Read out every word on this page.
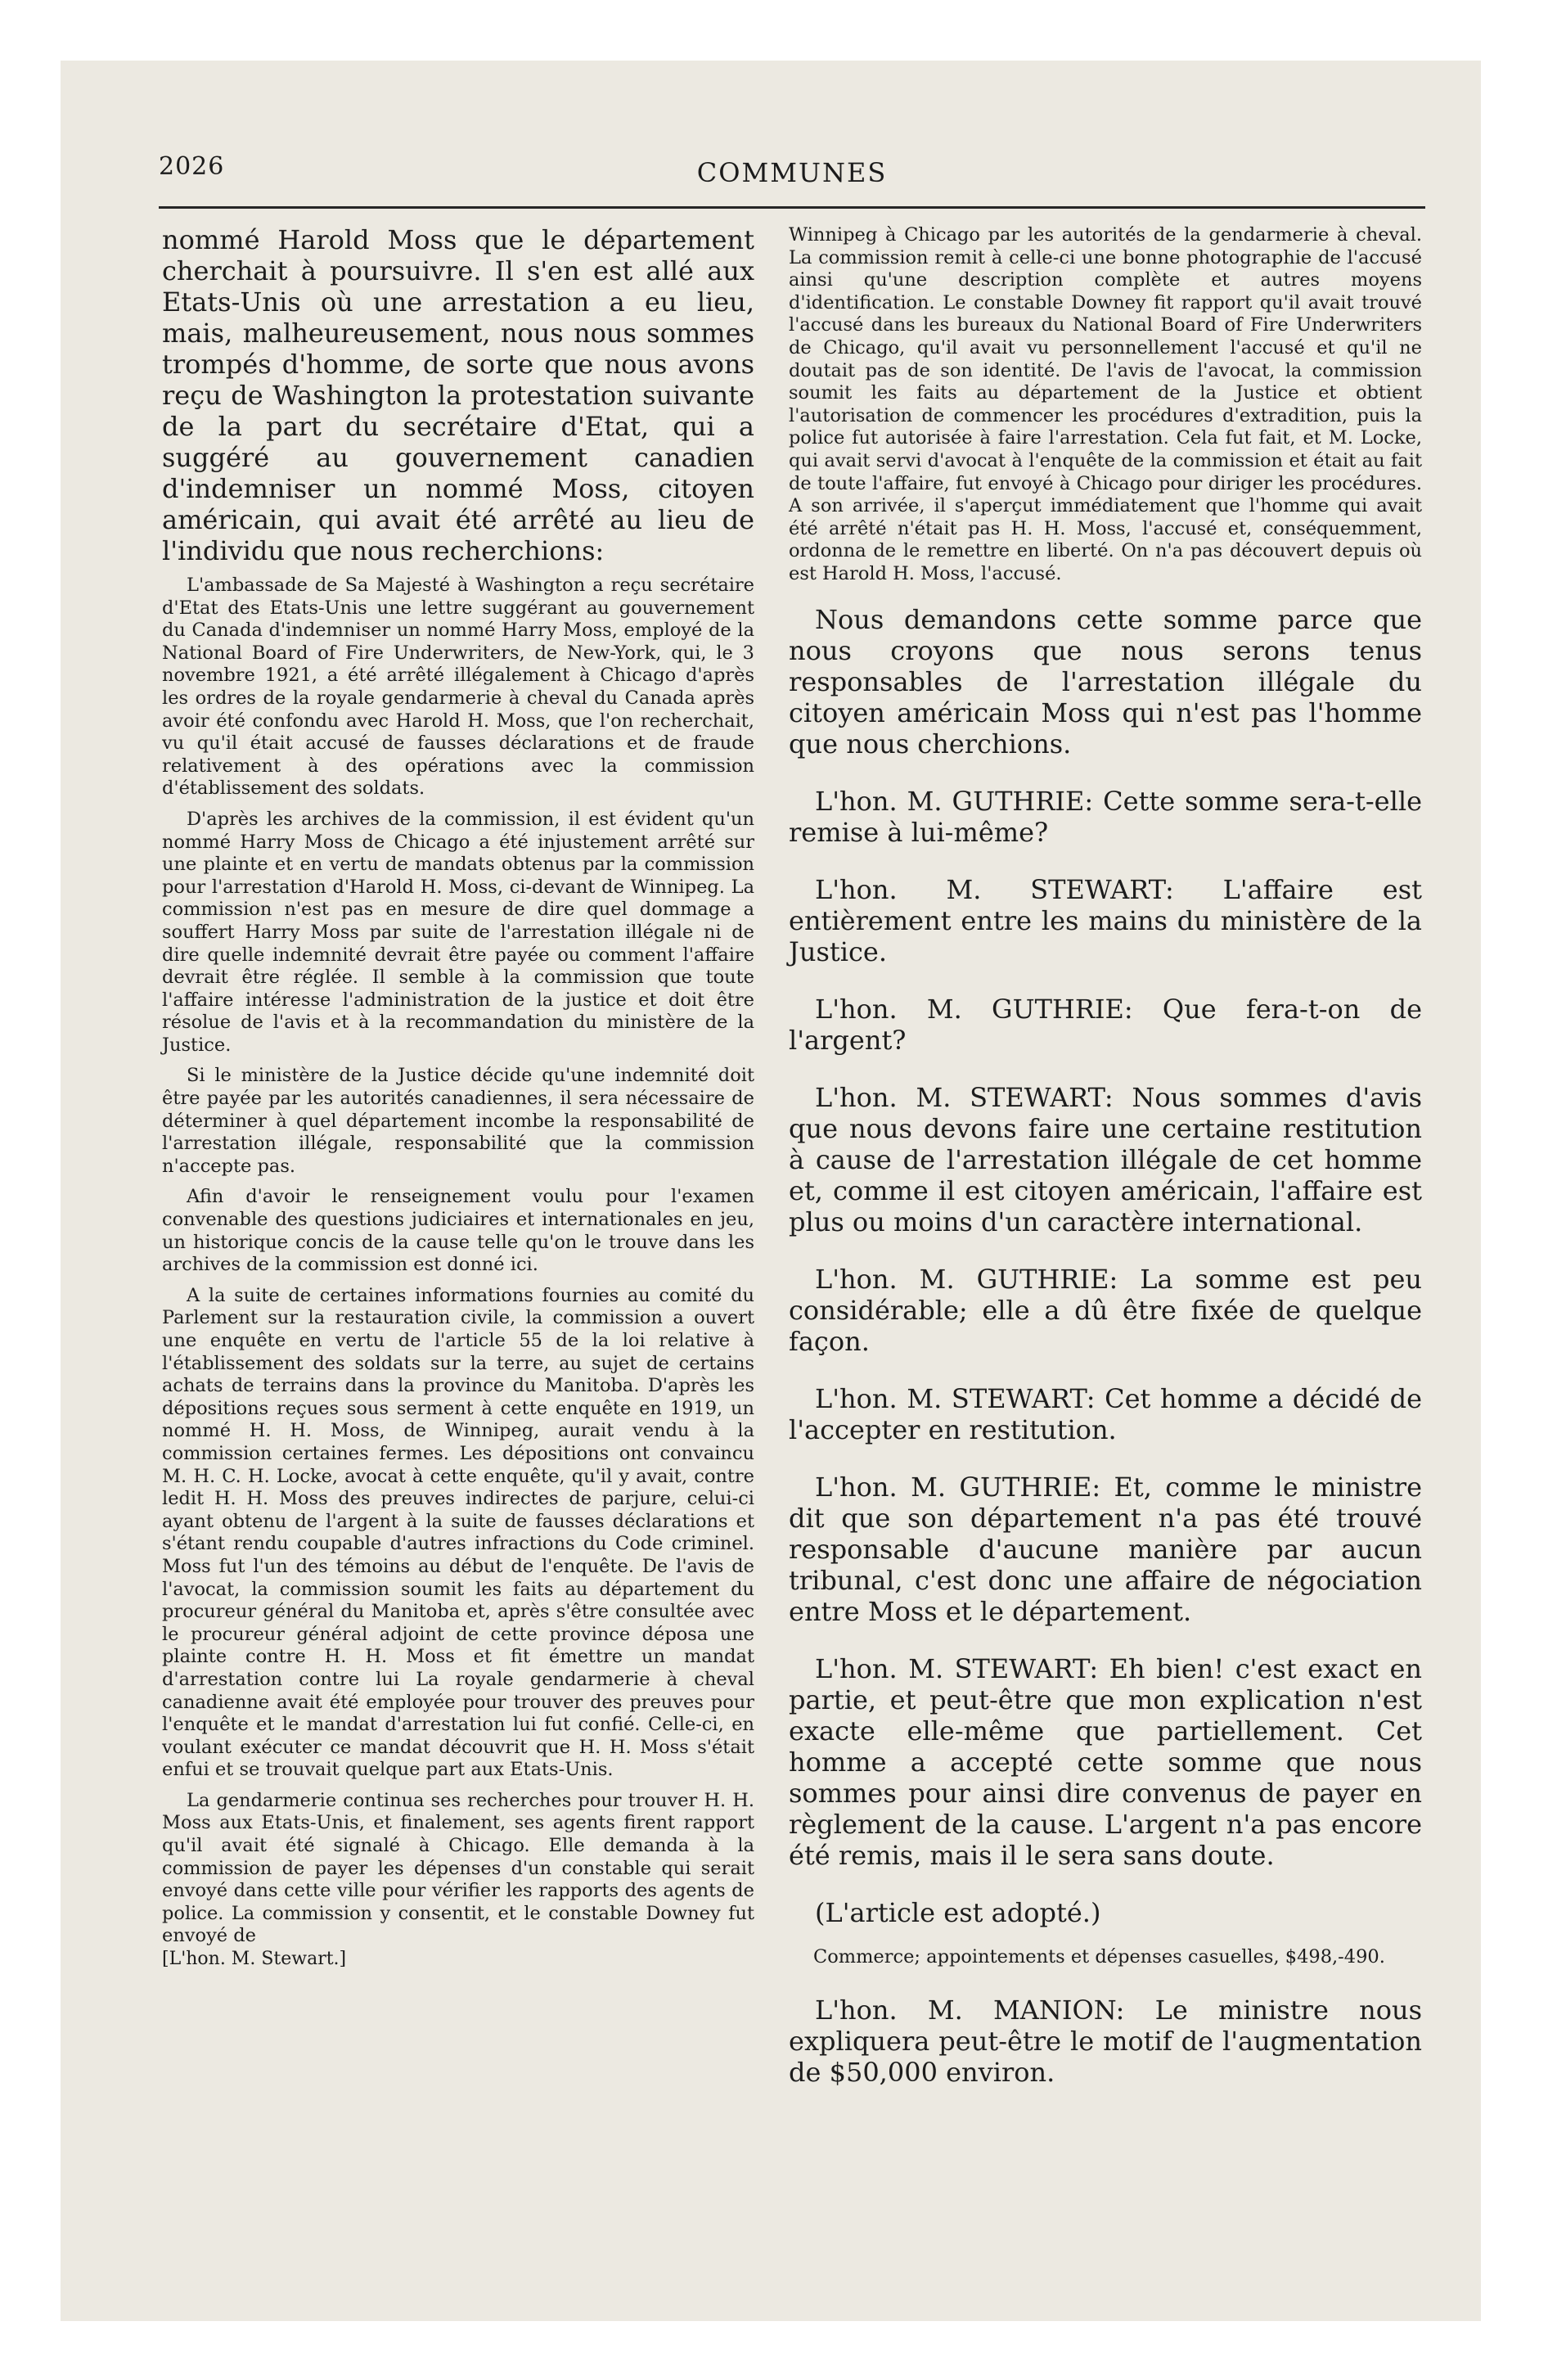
2026	COMMUNES

nommé Harold Moss que le département cherchait à poursuivre. Il s'en est allé aux Etats-Unis où une arrestation a eu lieu, mais, malheureusement, nous nous sommes trompés d'homme, de sorte que nous avons reçu de Washington la protestation suivante de la part du secrétaire d'Etat, qui a suggéré au gouvernement canadien d'indemniser un nommé Moss, citoyen américain, qui avait été arrêté au lieu de l'individu que nous recherchions:

L'ambassade de Sa Majesté à Washington a reçu secrétaire d'Etat des Etats-Unis une lettre suggérant au gouvernement du Canada d'indemniser un nommé Harry Moss, employé de la National Board of Fire Underwriters, de New-York, qui, le 3 novembre 1921, a été arrêté illégalement à Chicago d'après les ordres de la royale gendarmerie à cheval du Canada après avoir été confondu avec Harold H. Moss, que l'on recherchait, vu qu'il était accusé de fausses déclarations et de fraude relativement à des opérations avec la commission d'établissement des soldats.

D'après les archives de la commission, il est évident qu'un nommé Harry Moss de Chicago a été injustement arrêté sur une plainte et en vertu de mandats obtenus par la commission pour l'arrestation d'Harold H. Moss, ci-devant de Winnipeg. La commission n'est pas en mesure de dire quel dommage a souffert Harry Moss par suite de l'arrestation illégale ni de dire quelle indemnité devrait être payée ou comment l'affaire devrait être réglée. Il semble à la commission que toute l'affaire intéresse l'administration de la justice et doit être résolue de l'avis et à la recommandation du ministère de la Justice.

Si le ministère de la Justice décide qu'une indemnité doit être payée par les autorités canadiennes, il sera nécessaire de déterminer à quel département incombe la responsabilité de l'arrestation illégale, responsabilité que la commission n'accepte pas.

Afin d'avoir le renseignement voulu pour l'examen convenable des questions judiciaires et internationales en jeu, un historique concis de la cause telle qu'on le trouve dans les archives de la commission est donné ici.

A la suite de certaines informations fournies au comité du Parlement sur la restauration civile, la commission a ouvert une enquête en vertu de l'article 55 de la loi relative à l'établissement des soldats sur la terre, au sujet de certains achats de terrains dans la province du Manitoba. D'après les dépositions reçues sous serment à cette enquête en 1919, un nommé H. H. Moss, de Winnipeg, aurait vendu à la commission certaines fermes. Les dépositions ont convaincu M. H. C. H. Locke, avocat à cette enquête, qu'il y avait, contre ledit H. H. Moss des preuves indirectes de parjure, celui-ci ayant obtenu de l'argent à la suite de fausses déclarations et s'étant rendu coupable d'autres infractions du Code criminel. Moss fut l'un des témoins au début de l'enquête. De l'avis de l'avocat, la commission soumit les faits au département du procureur général du Manitoba et, après s'être consultée avec le procureur général adjoint de cette province déposa une plainte contre H. H. Moss et fit émettre un mandat d'arrestation contre lui La royale gendarmerie à cheval canadienne avait été employée pour trouver des preuves pour l'enquête et le mandat d'arrestation lui fut confié. Celle-ci, en voulant exécuter ce mandat découvrit que H. H. Moss s'était enfui et se trouvait quelque part aux Etats-Unis.

La gendarmerie continua ses recherches pour trouver H. H. Moss aux Etats-Unis, et finalement, ses agents firent rapport qu'il avait été signalé à Chicago. Elle demanda à la commission de payer les dépenses d'un constable qui serait envoyé dans cette ville pour vérifier les rapports des agents de police. La commission y consentit, et le constable Downey fut envoyé de

[L'hon. M. Stewart.]

Winnipeg à Chicago par les autorités de la gendarmerie à cheval. La commission remit à celle-ci une bonne photographie de l'accusé ainsi qu'une description complète et autres moyens d'identification. Le constable Downey fit rapport qu'il avait trouvé l'accusé dans les bureaux du National Board of Fire Underwriters de Chicago, qu'il avait vu personnellement l'accusé et qu'il ne doutait pas de son identité. De l'avis de l'avocat, la commission soumit les faits au département de la Justice et obtient l'autorisation de commencer les procédures d'extradition, puis la police fut autorisée à faire l'arrestation. Cela fut fait, et M. Locke, qui avait servi d'avocat à l'enquête de la commission et était au fait de toute l'affaire, fut envoyé à Chicago pour diriger les procédures. A son arrivée, il s'aperçut immédiatement que l'homme qui avait été arrêté n'était pas H. H. Moss, l'accusé et, conséquemment, ordonna de le remettre en liberté. On n'a pas découvert depuis où est Harold H. Moss, l'accusé.

Nous demandons cette somme parce que nous croyons que nous serons tenus responsables de l'arrestation illégale du citoyen américain Moss qui n'est pas l'homme que nous cherchions.

L'hon. M. GUTHRIE: Cette somme sera-t-elle remise à lui-même?

L'hon. M. STEWART: L'affaire est entièrement entre les mains du ministère de la Justice.

L'hon. M. GUTHRIE: Que fera-t-on de l'argent?

L'hon. M. STEWART: Nous sommes d'avis que nous devons faire une certaine restitution à cause de l'arrestation illégale de cet homme et, comme il est citoyen américain, l'affaire est plus ou moins d'un caractère international.

L'hon. M. GUTHRIE: La somme est peu considérable; elle a dû être fixée de quelque façon.

L'hon. M. STEWART: Cet homme a décidé de l'accepter en restitution.

L'hon. M. GUTHRIE: Et, comme le ministre dit que son département n'a pas été trouvé responsable d'aucune manière par aucun tribunal, c'est donc une affaire de négociation entre Moss et le département.

L'hon. M. STEWART: Eh bien! c'est exact en partie, et peut-être que mon explication n'est exacte elle-même que partiellement. Cet homme a accepté cette somme que nous sommes pour ainsi dire convenus de payer en règlement de la cause. L'argent n'a pas encore été remis, mais il le sera sans doute.

(L'article est adopté.)

Commerce; appointements et dépenses casuelles, $498,-490.

L'hon. M. MANION: Le ministre nous expliquera peut-être le motif de l'augmentation de $50,000 environ.
